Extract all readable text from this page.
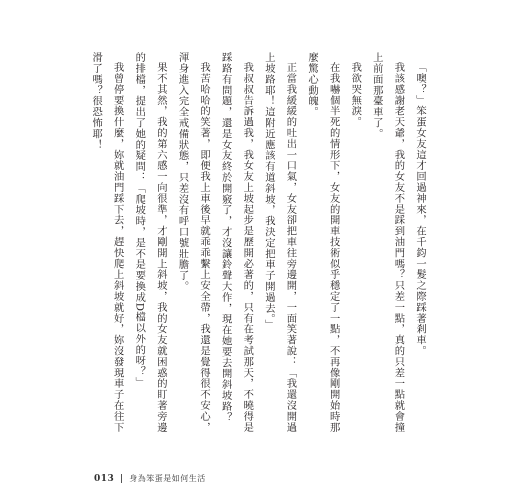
「噢？」笨蛋女友這才回過神來，在千鈞一髮之際踩著剎車。

我該感謝老天爺，我的女友不是踩到油門嗎？只差一點，真的只差一點就會撞上前面那臺車了。

我欲哭無淚。

在我嚇個半死的情形下，女友的開車技術似乎穩定了一點，不再像剛開始時那麼驚心動魄。

正當我緩緩的吐出一口氣，女友卻把車往旁邊開，一面笑著說：「我還沒開過上坡路耶！這附近應該有道斜坡，我決定把車子開過去。」

我叔叔告訴過我，我女友上坡起步是歷開必著的，只有在考試那天，不曉得是踩路有問題，還是女友終於開竅了，才沒讓鈴聲大作，現在她要去開斜坡路？

我苦哈哈的笑著，即便我上車後早就乖乖繫上安全帶，我還是覺得很不安心，渾身進入完全戒備狀態，只差沒有呼口號壯膽了。

果不其然，我的第六感一向很準，才剛開上斜坡，我的女友就困惑的盯著旁邊的排檔，提出了她的疑問：「爬坡時，是不是要換成D檔以外的呀？」

我曾停要換什麼，妳就油門踩下去，趕快爬上斜坡就好，妳沒發現車子在往下滑了嗎？很恐怖耶！

013 身為笨蛋是如何生活
